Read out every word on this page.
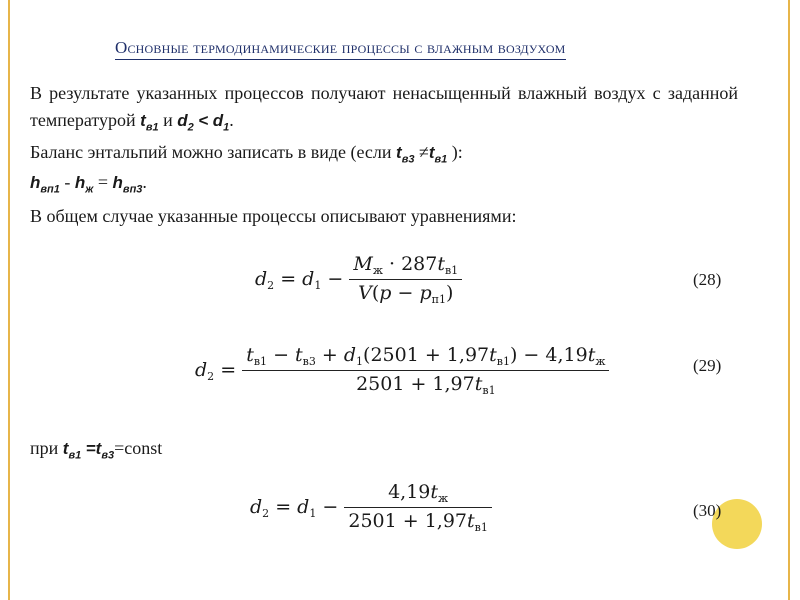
Основные термодинамические процессы с влажным воздухом
В результате указанных процессов получают ненасыщенный влажный воздух с заданной температурой $t_{в1}$ и $d_2 < d_1$.
Баланс энтальпий можно записать в виде (если $t_{в3} \ne t_{в1}$ ):
$h_{вп1} - h_ж = h_{вп3}$.
В общем случае указанные процессы описывают уравнениями:
$d_2 = d_1 - \frac{M_ж \cdot 287t_{в1}}{V(p - p_{п1})}$	(28)
$d_2 = \frac{t_{в1} - t_{в3} + d_1(2501 + 1,97t_{в1}) - 4,19t_ж}{2501 + 1,97t_{в1}}$	(29)
при $t_{в1}$ $=t_{в3}=const$
$d_2 = d_1 - \frac{4,19t_ж}{2501 + 1,97t_{в1}}$	(30)
